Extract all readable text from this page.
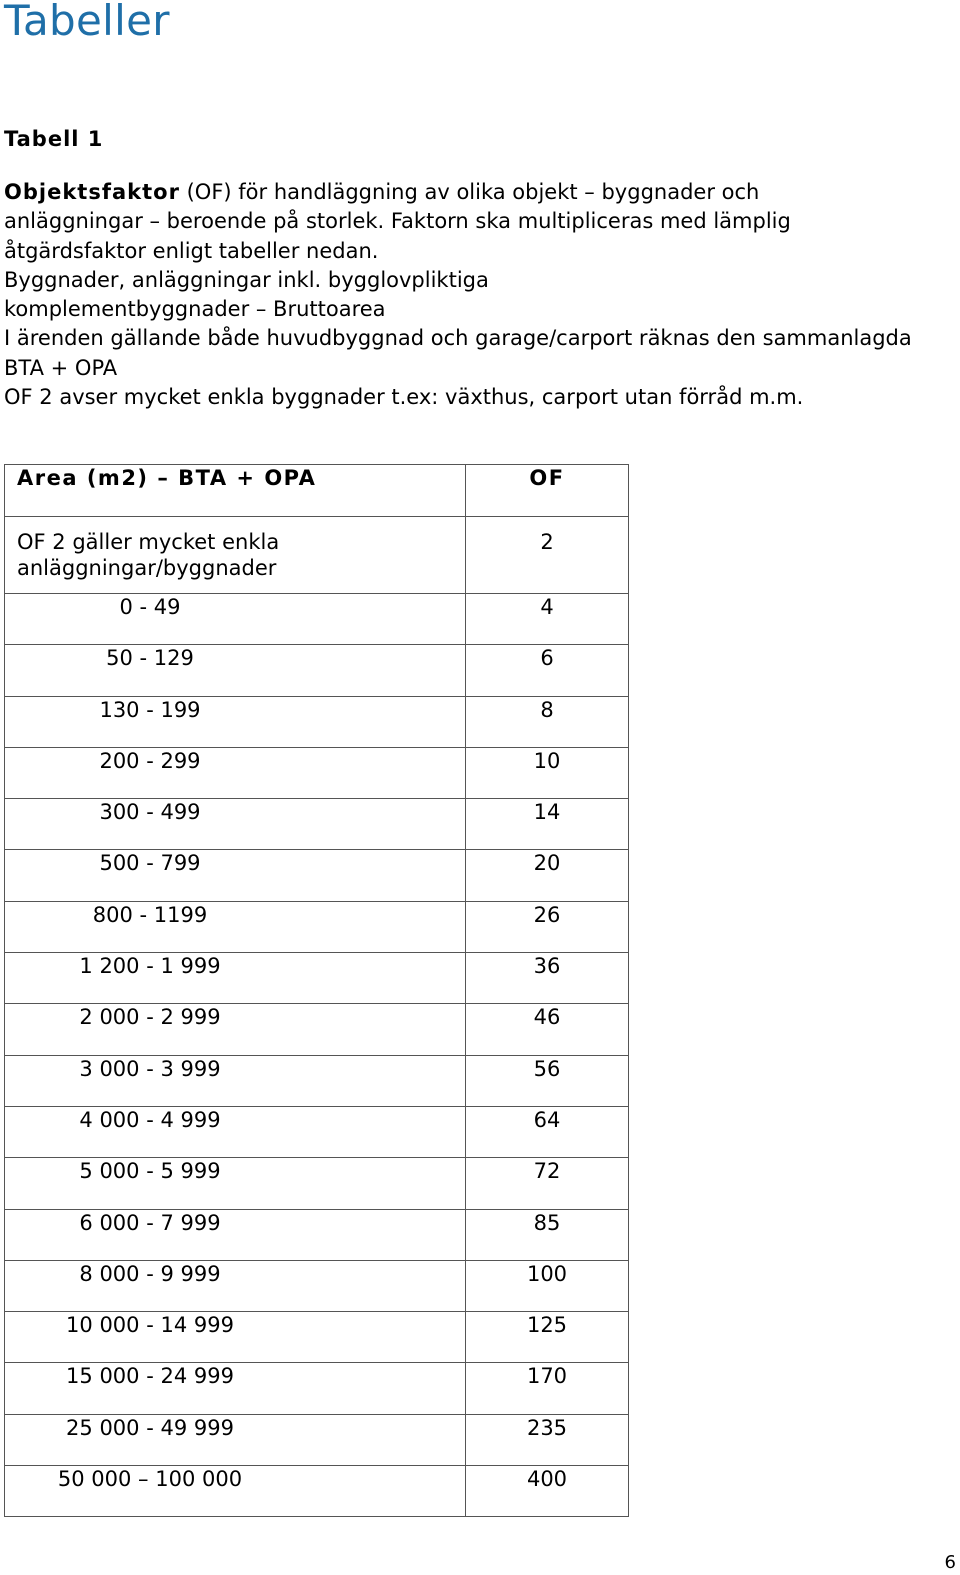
Tabeller
Tabell 1

Objektsfaktor (OF) för handläggning av olika objekt – byggnader och

anläggningar – beroende på storlek. Faktorn ska multipliceras med lämplig

åtgärdsfaktor enligt tabeller nedan.

Byggnader, anläggningar inkl. bygglovpliktiga

komplementbyggnader – Bruttoarea

I ärenden gällande både huvudbyggnad och garage/carport räknas den sammanlagda

BTA + OPA

OF 2 avser mycket enkla byggnader t.ex: växthus, carport utan förråd m.m.

Area (m2) – BTA + OPA	OF

OF 2 gäller mycket enkla
anläggningar/byggnader	2

0 - 49	4

50 - 129	6

130 - 199	8

200 - 299	10

300 - 499	14

500 - 799	20

800 - 1199	26

1 200 - 1 999	36

2 000 - 2 999	46

3 000 - 3 999	56

4 000 - 4 999	64

5 000 - 5 999	72

6 000 - 7 999	85

8 000 - 9 999	100

10 000 - 14 999	125

15 000 - 24 999	170

25 000 - 49 999	235

50 000 – 100 000	400
6
